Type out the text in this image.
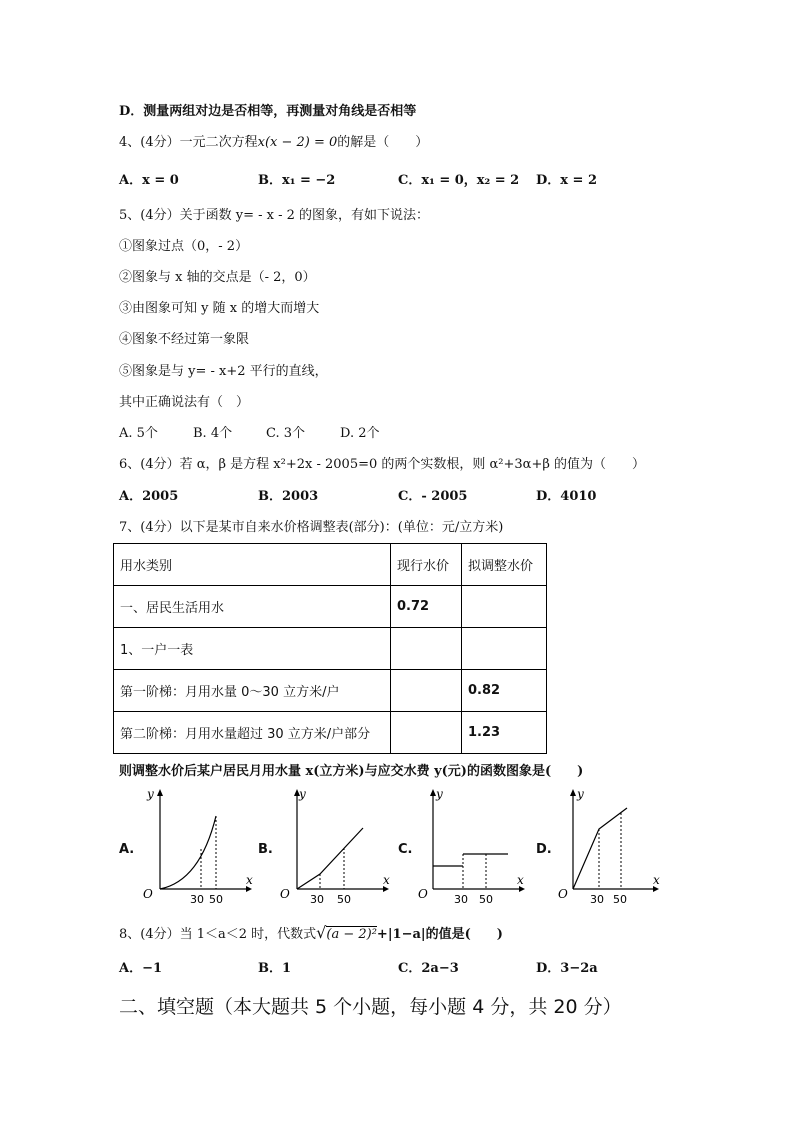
D．测量两组对边是否相等，再测量对角线是否相等
4、(4分）一元二次方程x(x − 2) = 0的解是（　　）
A．x = 0	B．x₁ = −2	C．x₁ = 0，x₂ = 2 D．x = 2
5、(4分）关于函数 y= - x - 2 的图象，有如下说法：
①图象过点（0，- 2）
②图象与 x 轴的交点是（- 2，0）
③由图象可知 y 随 x 的增大而增大
④图象不经过第一象限
⑤图象是与 y= - x+2 平行的直线，
其中正确说法有（　）
A. 5个	B. 4个	C. 3个	D. 2个
6、(4分）若 α，β 是方程 x²+2x - 2005=0 的两个实数根，则 α²+3α+β 的值为（　　）
A．2005	B．2003	C．- 2005	D．4010
7、(4分）以下是某市自来水价格调整表(部分)：(单位：元/立方米)
用水类别	现行水价	拟调整水价
一、居民生活用水	0.72	
1、一户一表		
第一阶梯：月用水量 0～30 立方米/户		0.82
第二阶梯：月用水量超过 30 立方米/户部分		1.23
则调整水价后某户居民月用水量 x(立方米)与应交水费 y(元)的函数图象是(　　)
A.	B.	C.	D.
O
x
y
30 50	O
x
y
30 50	O
x
y
30 50	O
x
y
30 50
8、(4分）当 1＜a＜2 时，代数式√(a − 2)²+|1−a|的值是(　　)
A．−1	B．1	C．2a−3	D．3−2a
二、填空题（本大题共 5 个小题，每小题 4 分，共 20 分）
